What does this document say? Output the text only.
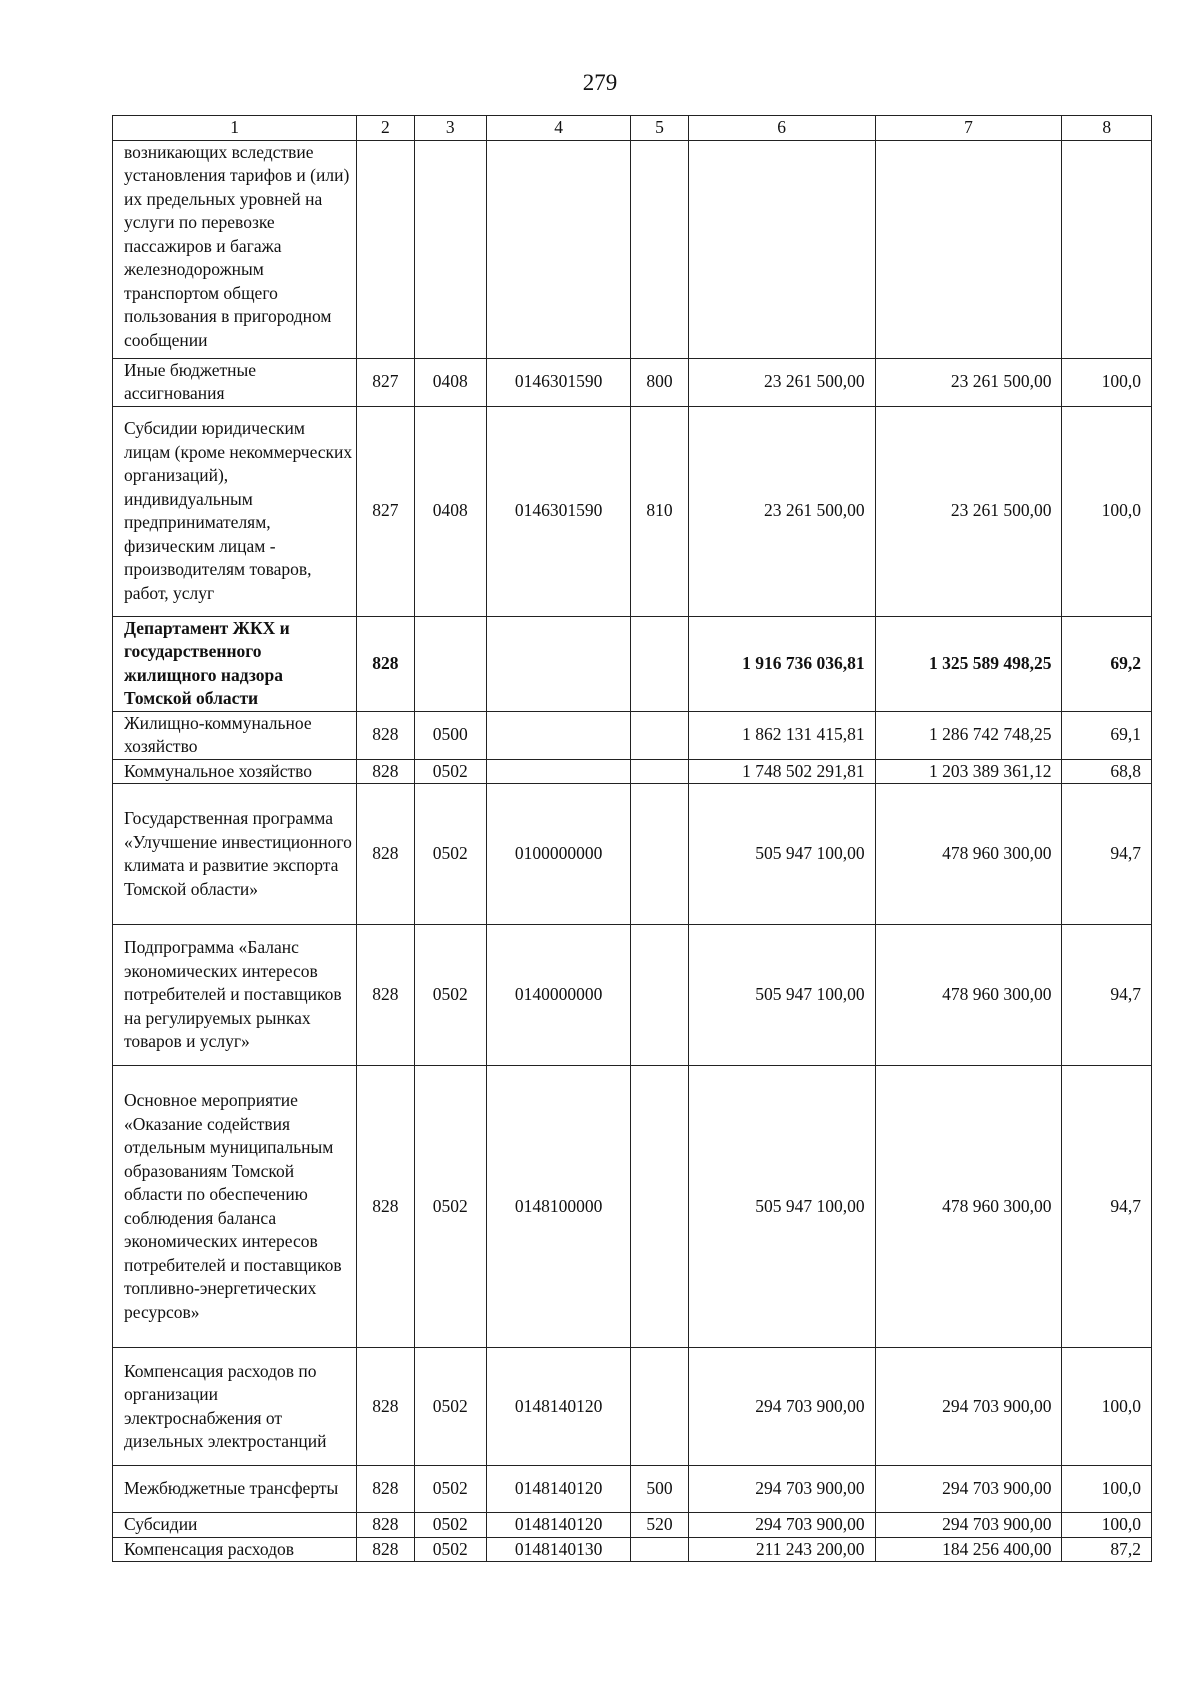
279
1	2	3	4	5	6	7	8
возникающих вследствие установления тарифов и (или) их предельных уровней на услуги по перевозке пассажиров и багажа железнодорожным транспортом общего пользования в пригородном сообщении							
Иные бюджетные ассигнования	827	0408	0146301590	800	23 261 500,00	23 261 500,00	100,0
Субсидии юридическим лицам (кроме некоммерческих организаций), индивидуальным предпринимателям, физическим лицам - производителям товаров, работ, услуг	827	0408	0146301590	810	23 261 500,00	23 261 500,00	100,0
Департамент ЖКХ и государственного жилищного надзора Томской области	828				1 916 736 036,81	1 325 589 498,25	69,2
Жилищно-коммунальное хозяйство	828	0500			1 862 131 415,81	1 286 742 748,25	69,1
Коммунальное хозяйство	828	0502			1 748 502 291,81	1 203 389 361,12	68,8
Государственная программа «Улучшение инвестиционного климата и развитие экспорта Томской области»	828	0502	0100000000		505 947 100,00	478 960 300,00	94,7
Подпрограмма «Баланс экономических интересов потребителей и поставщиков на регулируемых рынках товаров и услуг»	828	0502	0140000000		505 947 100,00	478 960 300,00	94,7
Основное мероприятие «Оказание содействия отдельным муниципальным образованиям Томской области по обеспечению соблюдения баланса экономических интересов потребителей и поставщиков топливно-энергетических ресурсов»	828	0502	0148100000		505 947 100,00	478 960 300,00	94,7
Компенсация расходов по организации электроснабжения от дизельных электростанций	828	0502	0148140120		294 703 900,00	294 703 900,00	100,0
Межбюджетные трансферты	828	0502	0148140120	500	294 703 900,00	294 703 900,00	100,0
Субсидии	828	0502	0148140120	520	294 703 900,00	294 703 900,00	100,0
Компенсация расходов	828	0502	0148140130		211 243 200,00	184 256 400,00	87,2
